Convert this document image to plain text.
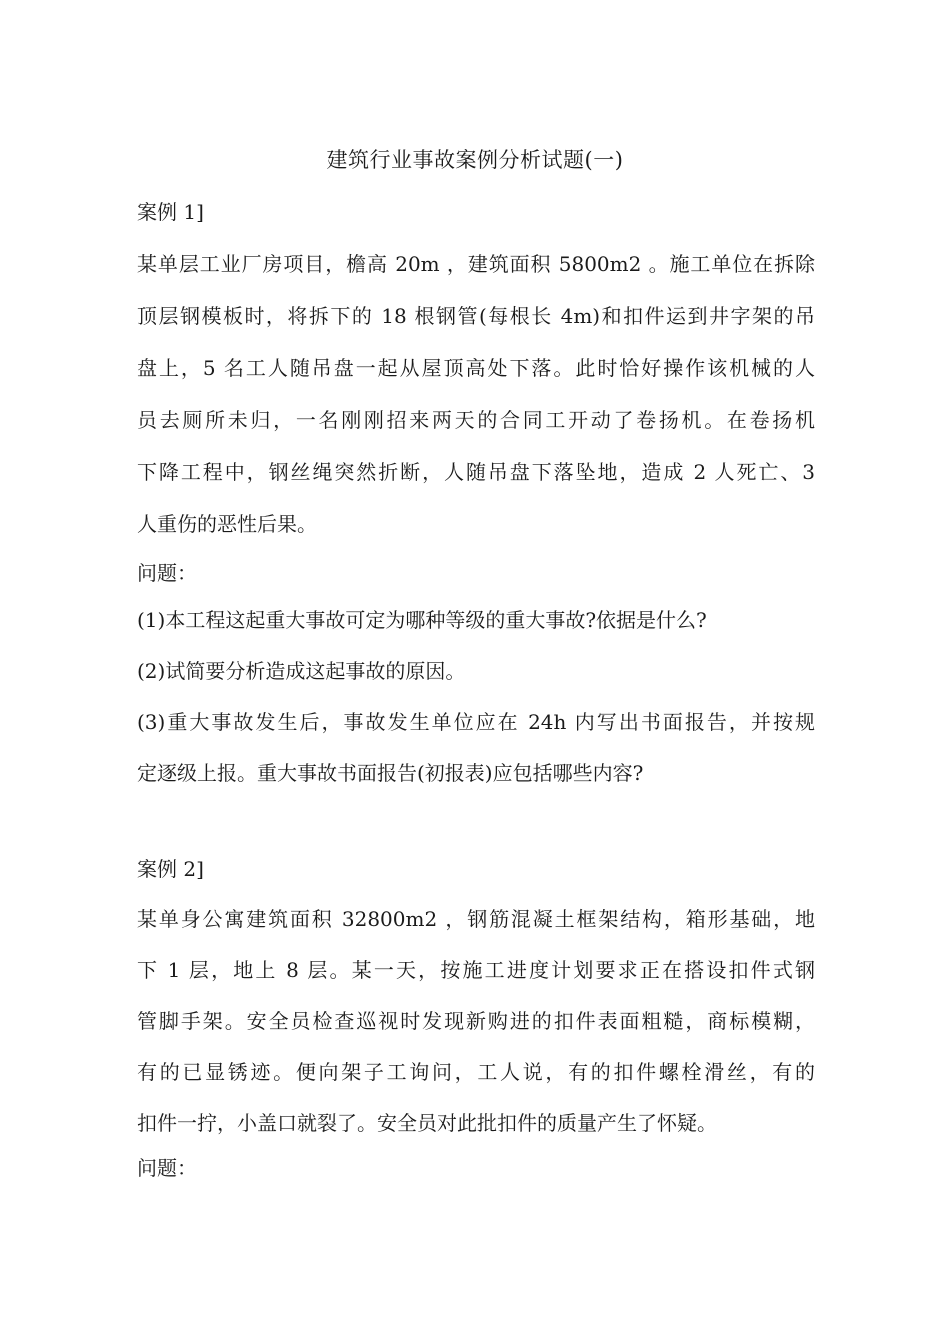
建筑行业事故案例分析试题(一)
案例 1]
某单层工业厂房项目，檐高 20m ，建筑面积 5800m2 。施工单位在拆除
顶层钢模板时，将拆下的 18 根钢管(每根长 4m)和扣件运到井字架的吊
盘上，5 名工人随吊盘一起从屋顶高处下落。此时恰好操作该机械的人
员去厕所未归，一名刚刚招来两天的合同工开动了卷扬机。在卷扬机
下降工程中，钢丝绳突然折断，人随吊盘下落坠地，造成 2 人死亡、3
人重伤的恶性后果。
问题：
(1)本工程这起重大事故可定为哪种等级的重大事故?依据是什么?
(2)试简要分析造成这起事故的原因。
(3)重大事故发生后，事故发生单位应在 24h 内写出书面报告，并按规
定逐级上报。重大事故书面报告(初报表)应包括哪些内容?
案例 2]
某单身公寓建筑面积 32800m2 ，钢筋混凝土框架结构，箱形基础，地
下 1 层，地上 8 层。某一天，按施工进度计划要求正在搭设扣件式钢
管脚手架。安全员检查巡视时发现新购进的扣件表面粗糙，商标模糊，
有的已显锈迹。便向架子工询问，工人说，有的扣件螺栓滑丝，有的
扣件一拧，小盖口就裂了。安全员对此批扣件的质量产生了怀疑。
问题：
